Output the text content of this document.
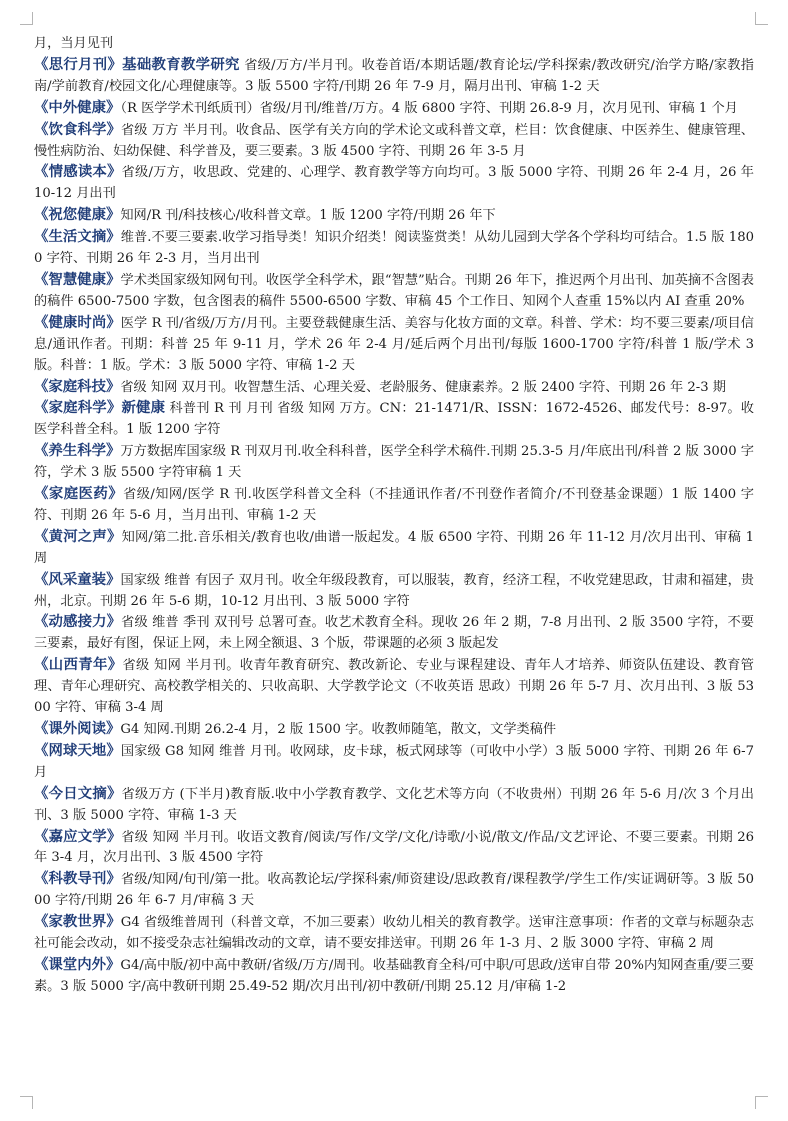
月，当月见刊

《思行月刊》基础教育教学研究 省级/万方/半月刊。收卷首语/本期话题/教育论坛/学科探索/教改研究/治学方略/家教指南/学前教育/校园文化/心理健康等。3 版 5500 字符/刊期 26 年 7-9 月，隔月出刊、审稿 1-2 天

《中外健康》（R 医学学术刊纸质刊）省级/月刊/维普/万方。4 版 6800 字符、刊期 26.8-9 月，次月见刊、审稿 1 个月

《饮食科学》省级 万方 半月刊。收食品、医学有关方向的学术论文或科普文章，栏目：饮食健康、中医养生、健康管理、慢性病防治、妇幼保健、科学普及，要三要素。3 版 4500 字符、刊期 26 年 3-5 月

《情感读本》省级/万方，收思政、党建的、心理学、教育教学等方向均可。3 版 5000 字符、刊期 26 年 2-4 月，26 年 10-12 月出刊

《祝您健康》知网/R 刊/科技核心/收科普文章。1 版 1200 字符/刊期 26 年下

《生活文摘》维普.不要三要素.收学习指导类！知识介绍类！阅读鉴赏类！从幼儿园到大学各个学科均可结合。1.5 版 1800 字符、刊期 26 年 2-3 月，当月出刊

《智慧健康》学术类国家级知网旬刊。收医学全科学术，跟“智慧”贴合。刊期 26 年下，推迟两个月出刊、加英摘不含图表的稿件 6500-7500 字数，包含图表的稿件 5500-6500 字数、审稿 45 个工作日、知网个人查重 15%以内 AI 查重 20%

《健康时尚》医学 R 刊/省级/万方/月刊。主要登载健康生活、美容与化妆方面的文章。科普、学术：均不要三要素/项目信息/通讯作者。刊期：科普 25 年 9-11 月，学术 26 年 2-4 月/延后两个月出刊/每版 1600-1700 字符/科普 1 版/学术 3 版。科普：1 版。学术：3 版 5000 字符、审稿 1-2 天

《家庭科技》省级 知网 双月刊。收智慧生活、心理关爱、老龄服务、健康素养。2 版 2400 字符、刊期 26 年 2-3 期

《家庭科学》新健康 科普刊 R 刊 月刊 省级 知网 万方。CN：21-1471/R、ISSN：1672-4526、邮发代号：8-97。收医学科普全科。1 版 1200 字符

《养生科学》万方数据库国家级 R 刊双月刊.收全科科普，医学全科学术稿件.刊期 25.3-5 月/年底出刊/科普 2 版 3000 字符，学术 3 版 5500 字符审稿 1 天

《家庭医药》省级/知网/医学 R 刊.收医学科普文全科（不挂通讯作者/不刊登作者简介/不刊登基金课题）1 版 1400 字符、刊期 26 年 5-6 月，当月出刊、审稿 1-2 天

《黄河之声》知网/第二批.音乐相关/教育也收/曲谱一版起发。4 版 6500 字符、刊期 26 年 11-12 月/次月出刊、审稿 1 周

《风采童装》国家级 维普 有因子 双月刊。收全年级段教育，可以服装，教育，经济工程，不收党建思政，甘肃和福建，贵州，北京。刊期 26 年 5-6 期，10-12 月出刊、3 版 5000 字符

《动感接力》省级 维普 季刊 双刊号 总署可查。收艺术教育全科。现收 26 年 2 期，7-8 月出刊、2 版 3500 字符，不要三要素，最好有图，保证上网，未上网全额退、3 个版，带课题的必须 3 版起发

《山西青年》省级 知网 半月刊。收青年教育研究、教改新论、专业与课程建设、青年人才培养、师资队伍建设、教育管理、青年心理研究、高校教学相关的、只收高职、大学教学论文（不收英语 思政）刊期 26 年 5-7 月、次月出刊、3 版 5300 字符、审稿 3-4 周

《课外阅读》G4 知网.刊期 26.2-4 月，2 版 1500 字。收教师随笔，散文，文学类稿件

《网球天地》国家级 G8 知网 维普 月刊。收网球，皮卡球，板式网球等（可收中小学）3 版 5000 字符、刊期 26 年 6-7 月

《今日文摘》省级万方 (下半月)教育版.收中小学教育教学、文化艺术等方向（不收贵州）刊期 26 年 5-6 月/次 3 个月出刊、3 版 5000 字符、审稿 1-3 天

《嘉应文学》省级 知网 半月刊。收语文教育/阅读/写作/文学/文化/诗歌/小说/散文/作品/文艺评论、不要三要素。刊期 26 年 3-4 月，次月出刊、3 版 4500 字符

《科教导刊》省级/知网/旬刊/第一批。收高教论坛/学探科索/师资建设/思政教育/课程教学/学生工作/实证调研等。3 版 5000 字符/刊期 26 年 6-7 月/审稿 3 天

《家教世界》G4 省级维普周刊（科普文章，不加三要素）收幼儿相关的教育教学。送审注意事项：作者的文章与标题杂志社可能会改动，如不接受杂志社编辑改动的文章，请不要安排送审。刊期 26 年 1-3 月、2 版 3000 字符、审稿 2 周

《课堂内外》G4/高中版/初中高中教研/省级/万方/周刊。收基础教育全科/可中职/可思政/送审自带 20%内知网查重/要三要素。3 版 5000 字/高中教研刊期 25.49-52 期/次月出刊/初中教研/刊期 25.12 月/审稿 1-2
